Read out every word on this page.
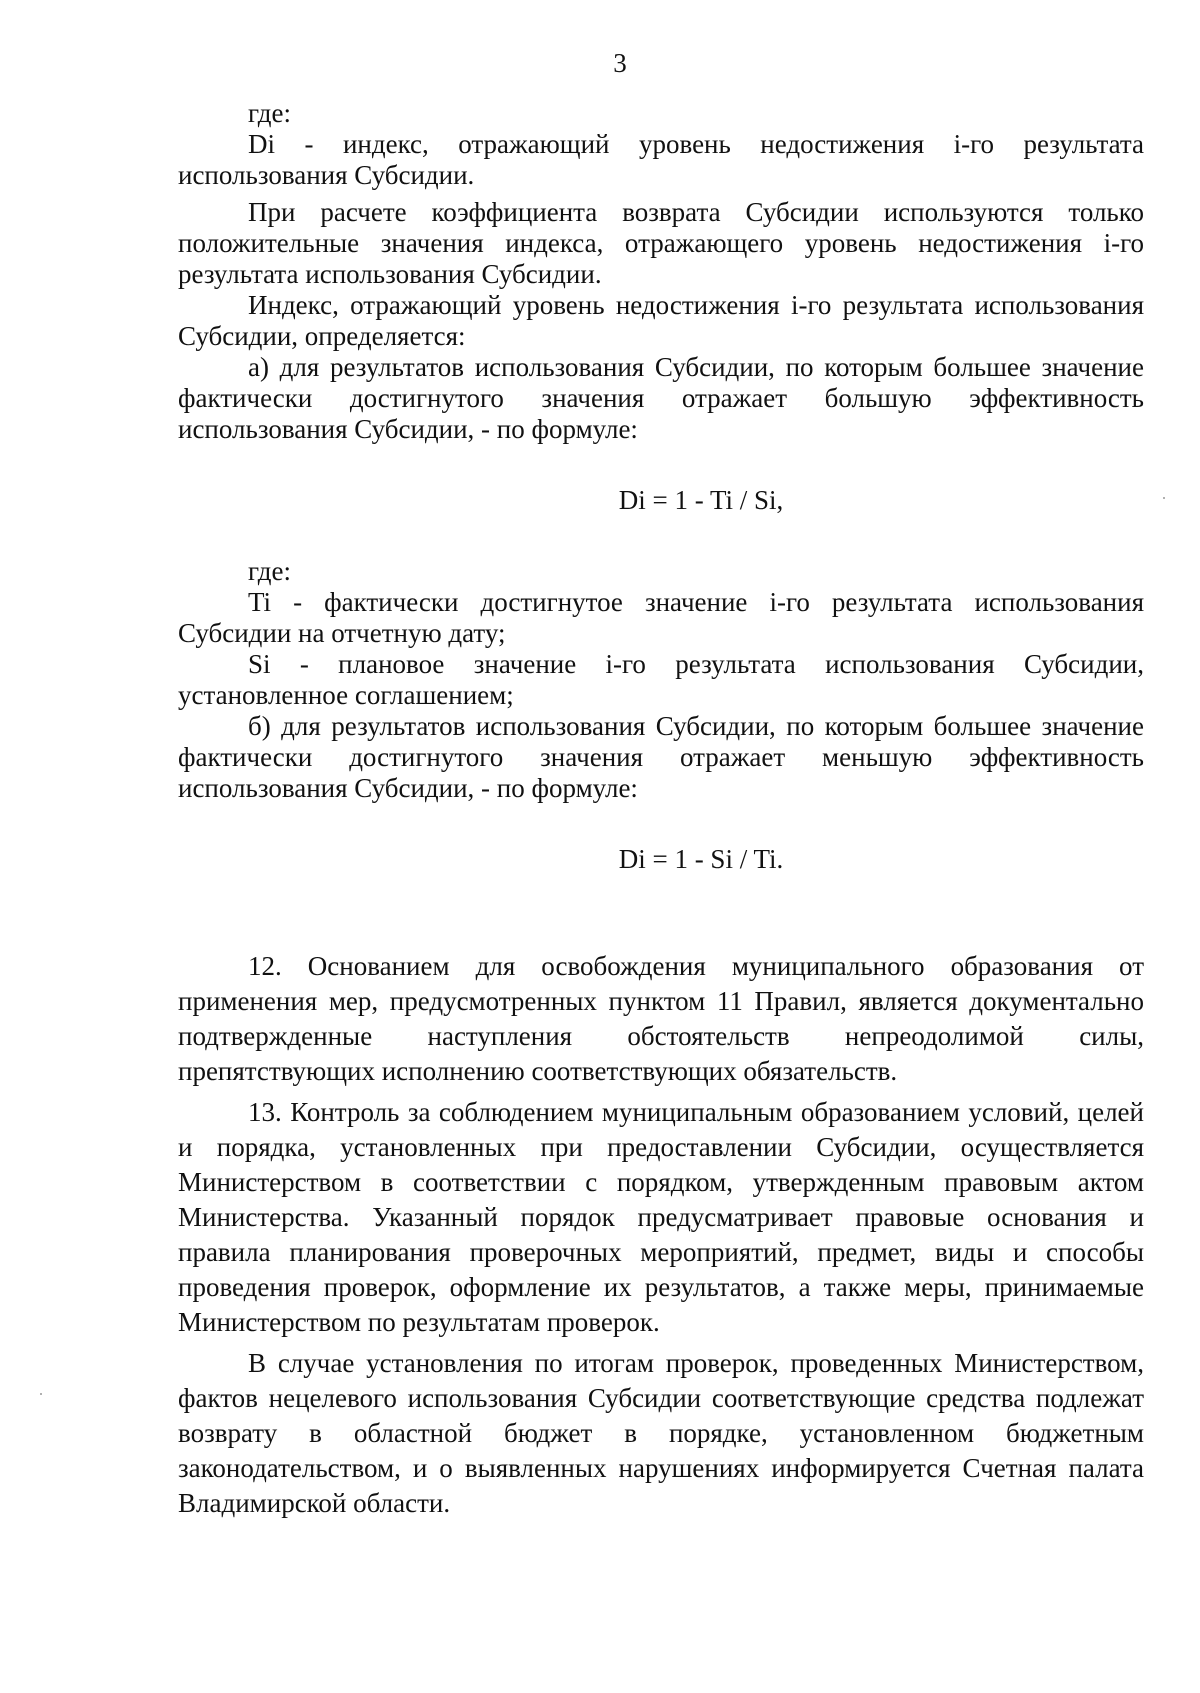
3

где:

Di - индекс, отражающий уровень недостижения i-го результата использования Субсидии.

При расчете коэффициента возврата Субсидии используются только положительные значения индекса, отражающего уровень недостижения i-го результата использования Субсидии.

Индекс, отражающий уровень недостижения i-го результата использования Субсидии, определяется:

а) для результатов использования Субсидии, по которым большее значение фактически достигнутого значения отражает большую эффективность использования Субсидии, - по формуле:

Di = 1 - Ti / Si,

где:

Ti - фактически достигнутое значение i-го результата использования Субсидии на отчетную дату;

Si - плановое значение i-го результата использования Субсидии, установленное соглашением;

б) для результатов использования Субсидии, по которым большее значение фактически достигнутого значения отражает меньшую эффективность использования Субсидии, - по формуле:

Di = 1 - Si / Ti.

12. Основанием для освобождения муниципального образования от применения мер, предусмотренных пунктом 11 Правил, является документально подтвержденные наступления обстоятельств непреодолимой силы, препятствующих исполнению соответствующих обязательств.

13. Контроль за соблюдением муниципальным образованием условий, целей и порядка, установленных при предоставлении Субсидии, осуществляется Министерством в соответствии с порядком, утвержденным правовым актом Министерства. Указанный порядок предусматривает правовые основания и правила планирования проверочных мероприятий, предмет, виды и способы проведения проверок, оформление их результатов, а также меры, принимаемые Министерством по результатам проверок.

В случае установления по итогам проверок, проведенных Министерством, фактов нецелевого использования Субсидии соответствующие средства подлежат возврату в областной бюджет в порядке, установленном бюджетным законодательством, и о выявленных нарушениях информируется Счетная палата Владимирской области.
